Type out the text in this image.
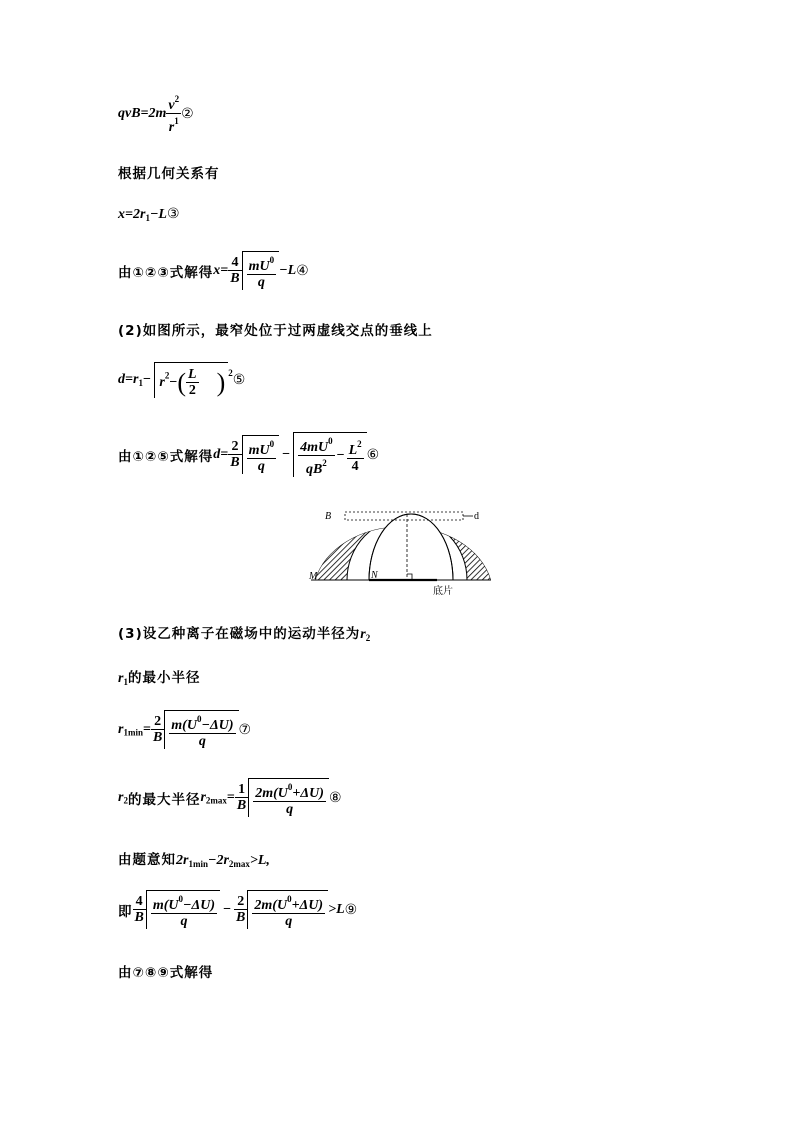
$qvB=2m \frac{v^2}{r^1}$ ②
根据几何关系有
$x=2r_1-L③$
由①②③式解得$x= \frac{4}{B} \frac{mU^0}{q}$ −L④
(2)如图所示，最窄处位于过两虚线交点的垂线上
$d=r_1- r^2-( \frac{L}{2}$ ) $^2$⑤
由①②⑤式解得$d= \frac{2}{B} \frac{mU^0}{q} - \frac{4mU^0}{qB^2} - \frac{L^2}{4}$ ⑥
B	d
M	N
底片
(3)设乙种离子在磁场中的运动半径为$r_2$
$r_1$的最小半径
$r_{1min}= \frac{2}{B} \frac{m(U^0-\Delta U)}{q}$ ⑦
$r_2$的最大半径$r_{2max}= \frac{1}{B} \frac{2m(U^0+\Delta U)}{q}$ ⑧
由题意知$2r_{1min}-2r_{2max}>L$,
即 $\frac{4}{B} \frac{m(U^0-\Delta U)}{q} - \frac{2}{B} \frac{2m(U^0+\Delta U)}{q}$ >L⑨
由⑦⑧⑨式解得
